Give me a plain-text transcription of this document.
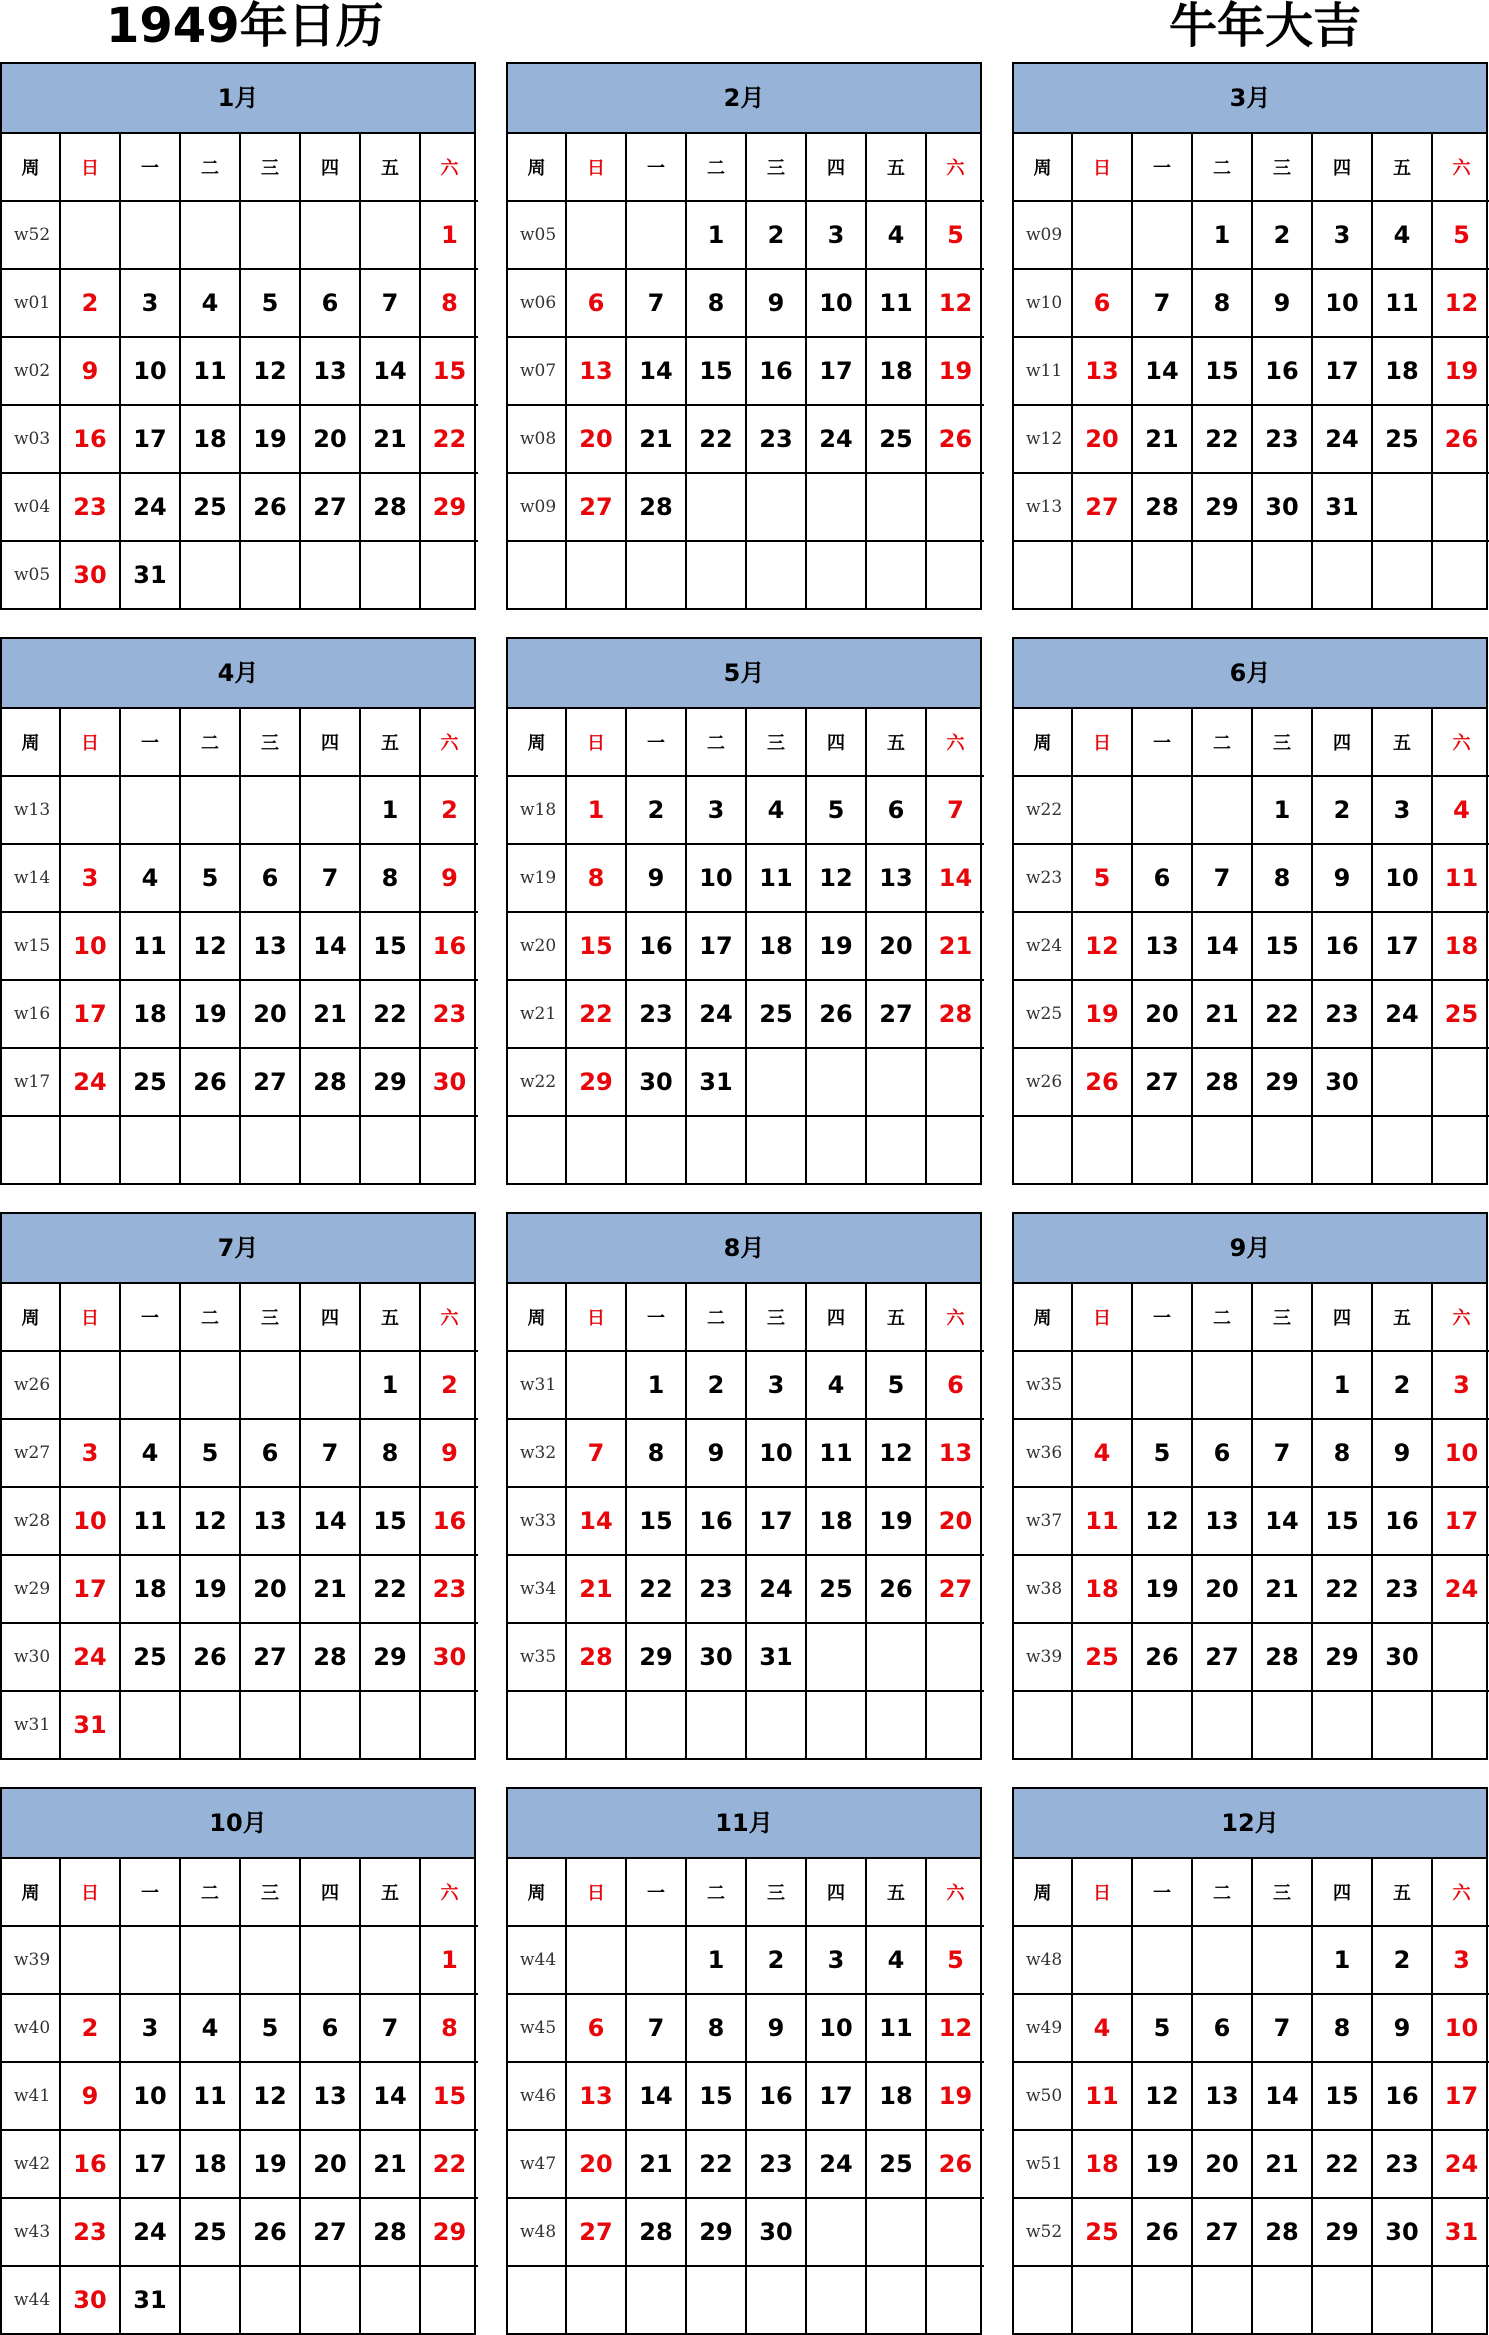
1949年日历	牛年大吉
1月
周	日	一	二	三	四	五	六
w52							1
w01	2	3	4	5	6	7	8
w02	9	10	11	12	13	14	15
w03	16	17	18	19	20	21	22
w04	23	24	25	26	27	28	29
w05	30	31					
2月
周	日	一	二	三	四	五	六
w05			1	2	3	4	5
w06	6	7	8	9	10	11	12
w07	13	14	15	16	17	18	19
w08	20	21	22	23	24	25	26
w09	27	28					

3月
周	日	一	二	三	四	五	六
w09			1	2	3	4	5
w10	6	7	8	9	10	11	12
w11	13	14	15	16	17	18	19
w12	20	21	22	23	24	25	26
w13	27	28	29	30	31		

4月
周	日	一	二	三	四	五	六
w13						1	2
w14	3	4	5	6	7	8	9
w15	10	11	12	13	14	15	16
w16	17	18	19	20	21	22	23
w17	24	25	26	27	28	29	30

5月
周	日	一	二	三	四	五	六
w18	1	2	3	4	5	6	7
w19	8	9	10	11	12	13	14
w20	15	16	17	18	19	20	21
w21	22	23	24	25	26	27	28
w22	29	30	31				

6月
周	日	一	二	三	四	五	六
w22				1	2	3	4
w23	5	6	7	8	9	10	11
w24	12	13	14	15	16	17	18
w25	19	20	21	22	23	24	25
w26	26	27	28	29	30		

7月
周	日	一	二	三	四	五	六
w26						1	2
w27	3	4	5	6	7	8	9
w28	10	11	12	13	14	15	16
w29	17	18	19	20	21	22	23
w30	24	25	26	27	28	29	30
w31	31						
8月
周	日	一	二	三	四	五	六
w31		1	2	3	4	5	6
w32	7	8	9	10	11	12	13
w33	14	15	16	17	18	19	20
w34	21	22	23	24	25	26	27
w35	28	29	30	31			

9月
周	日	一	二	三	四	五	六
w35					1	2	3
w36	4	5	6	7	8	9	10
w37	11	12	13	14	15	16	17
w38	18	19	20	21	22	23	24
w39	25	26	27	28	29	30	

10月
周	日	一	二	三	四	五	六
w39							1
w40	2	3	4	5	6	7	8
w41	9	10	11	12	13	14	15
w42	16	17	18	19	20	21	22
w43	23	24	25	26	27	28	29
w44	30	31					
11月
周	日	一	二	三	四	五	六
w44			1	2	3	4	5
w45	6	7	8	9	10	11	12
w46	13	14	15	16	17	18	19
w47	20	21	22	23	24	25	26
w48	27	28	29	30			

12月
周	日	一	二	三	四	五	六
w48					1	2	3
w49	4	5	6	7	8	9	10
w50	11	12	13	14	15	16	17
w51	18	19	20	21	22	23	24
w52	25	26	27	28	29	30	31
